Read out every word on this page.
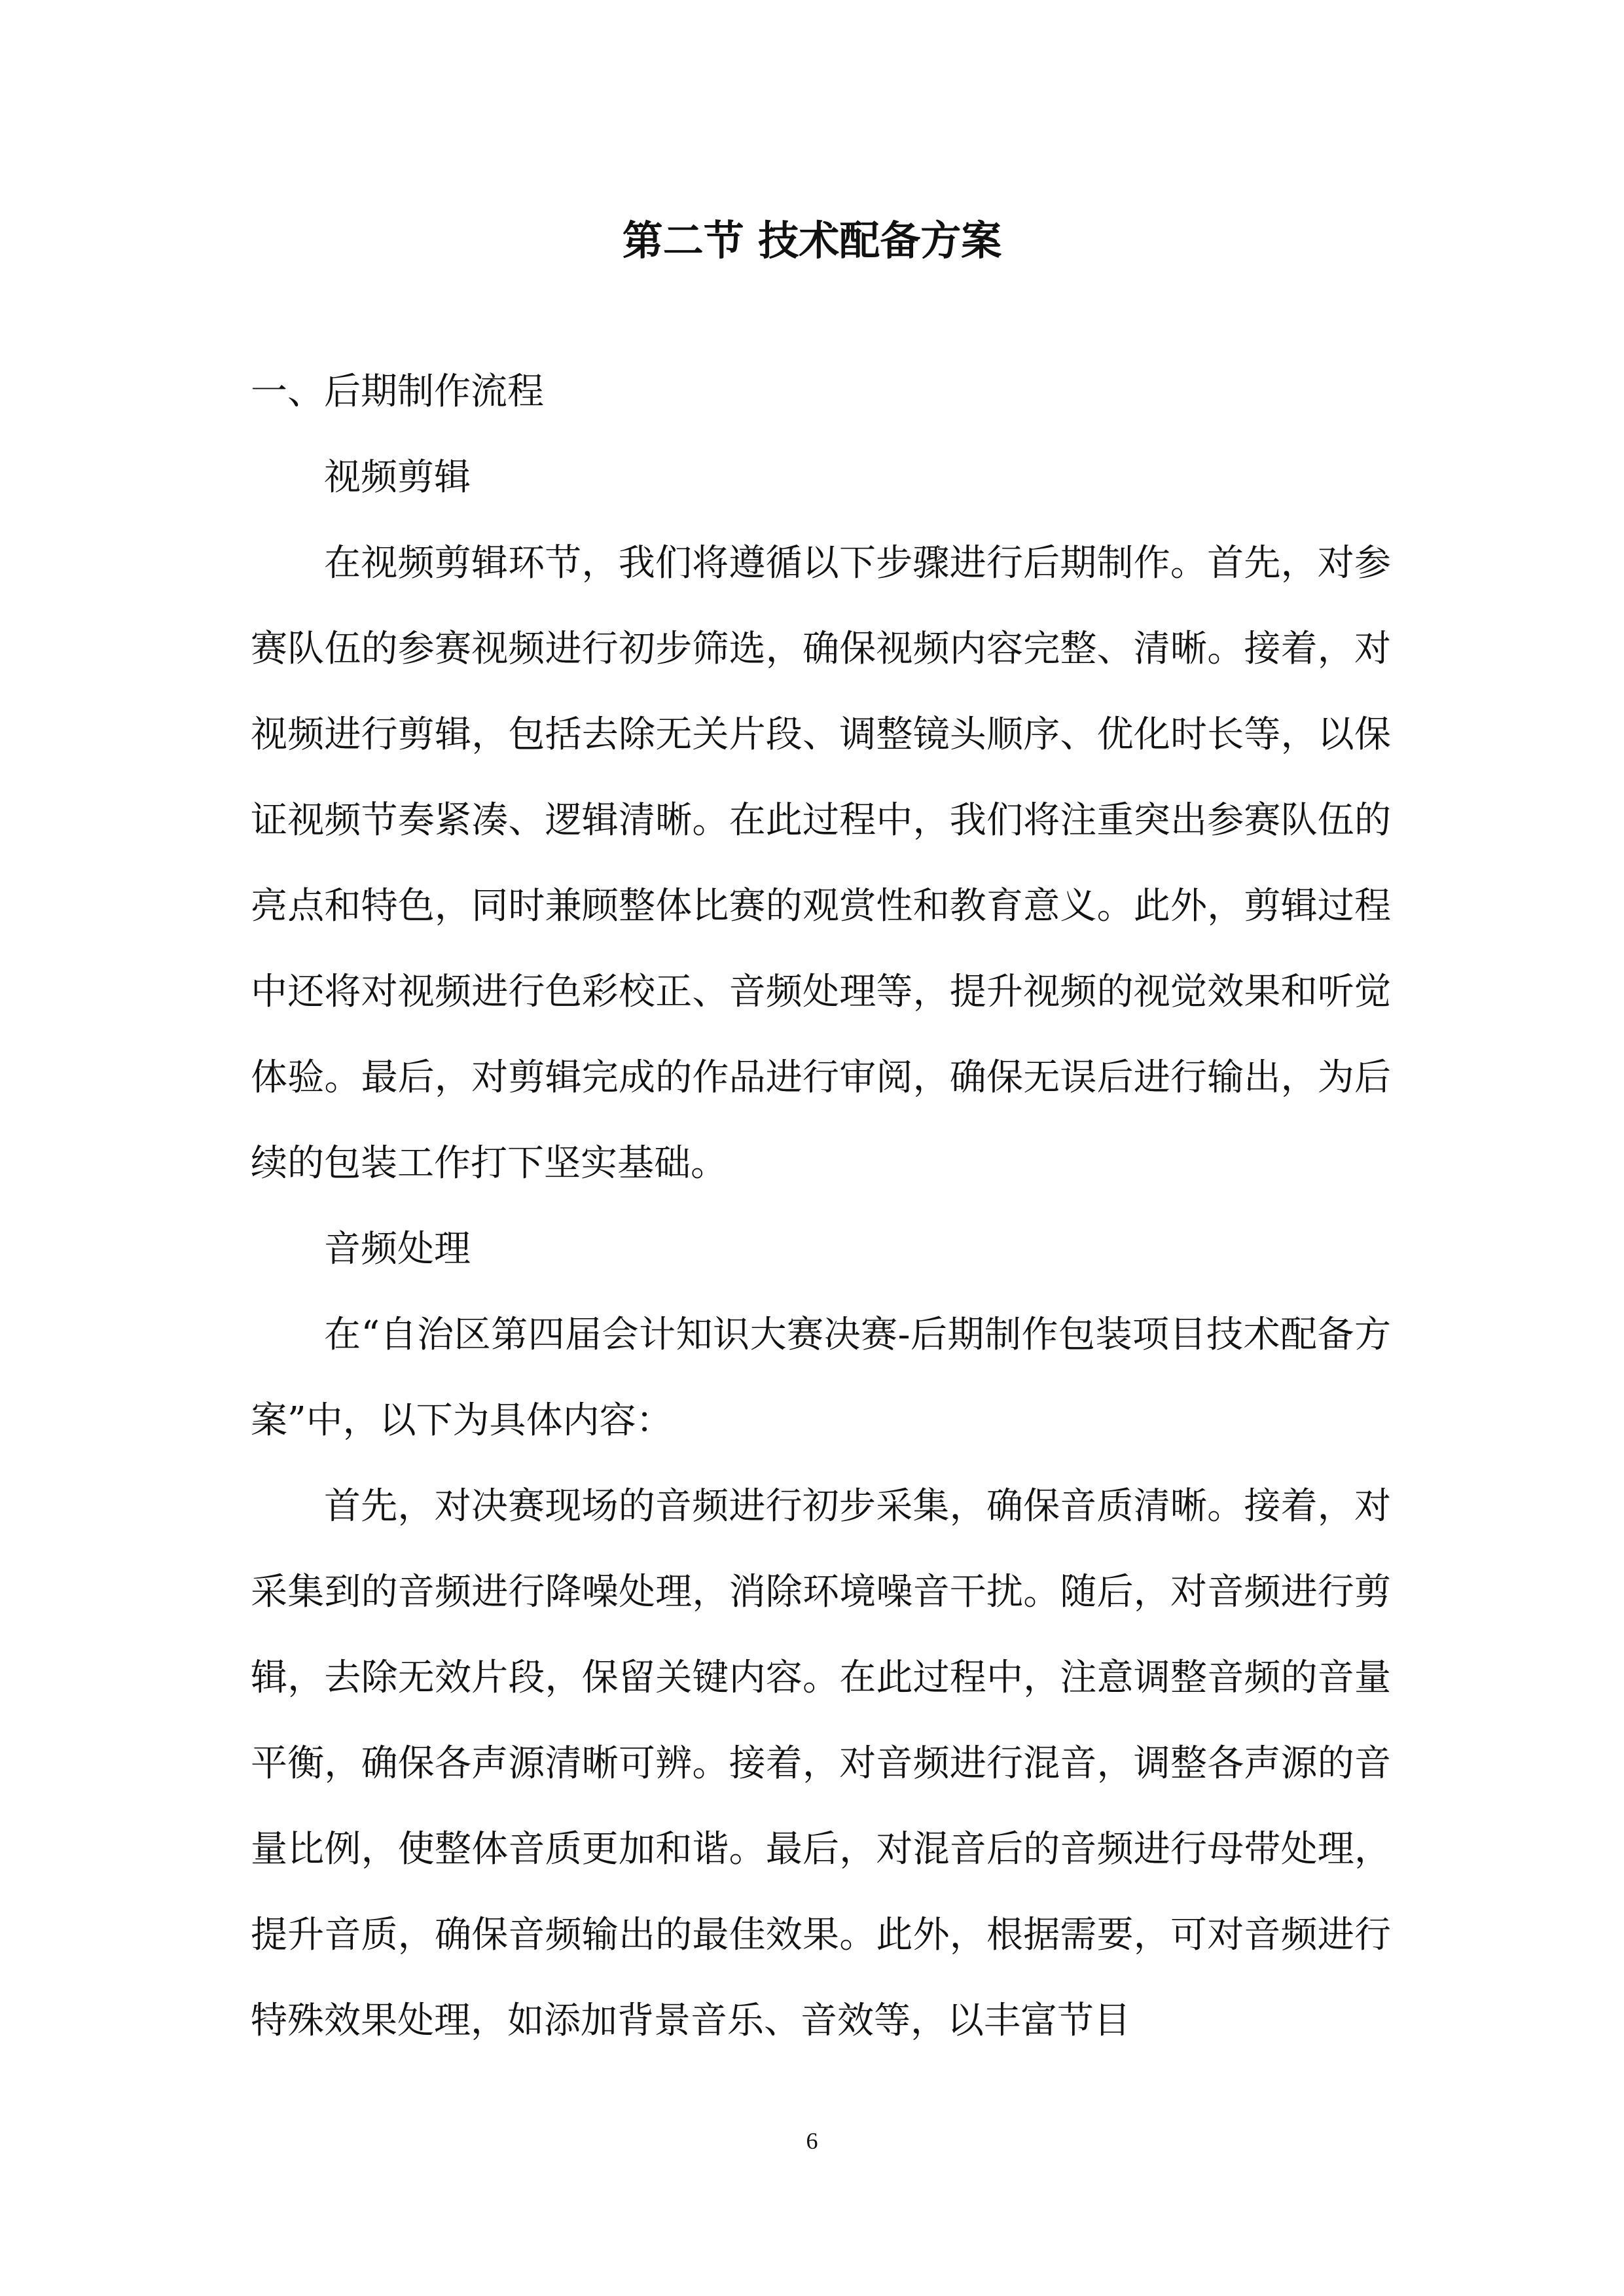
第二节 技术配备方案

一、后期制作流程

视频剪辑

在视频剪辑环节，我们将遵循以下步骤进行后期制作。首先，对参赛队伍的参赛视频进行初步筛选，确保视频内容完整、清晰。接着，对视频进行剪辑，包括去除无关片段、调整镜头顺序、优化时长等，以保证视频节奏紧凑、逻辑清晰。在此过程中，我们将注重突出参赛队伍的亮点和特色，同时兼顾整体比赛的观赏性和教育意义。此外，剪辑过程中还将对视频进行色彩校正、音频处理等，提升视频的视觉效果和听觉体验。最后，对剪辑完成的作品进行审阅，确保无误后进行输出，为后续的包装工作打下坚实基础。

音频处理

在“自治区第四届会计知识大赛决赛-后期制作包装项目技术配备方案”中，以下为具体内容：

首先，对决赛现场的音频进行初步采集，确保音质清晰。接着，对采集到的音频进行降噪处理，消除环境噪音干扰。随后，对音频进行剪辑，去除无效片段，保留关键内容。在此过程中，注意调整音频的音量平衡，确保各声源清晰可辨。接着，对音频进行混音，调整各声源的音量比例，使整体音质更加和谐。最后，对混音后的音频进行母带处理，提升音质，确保音频输出的最佳效果。此外，根据需要，可对音频进行特殊效果处理，如添加背景音乐、音效等，以丰富节目

6
